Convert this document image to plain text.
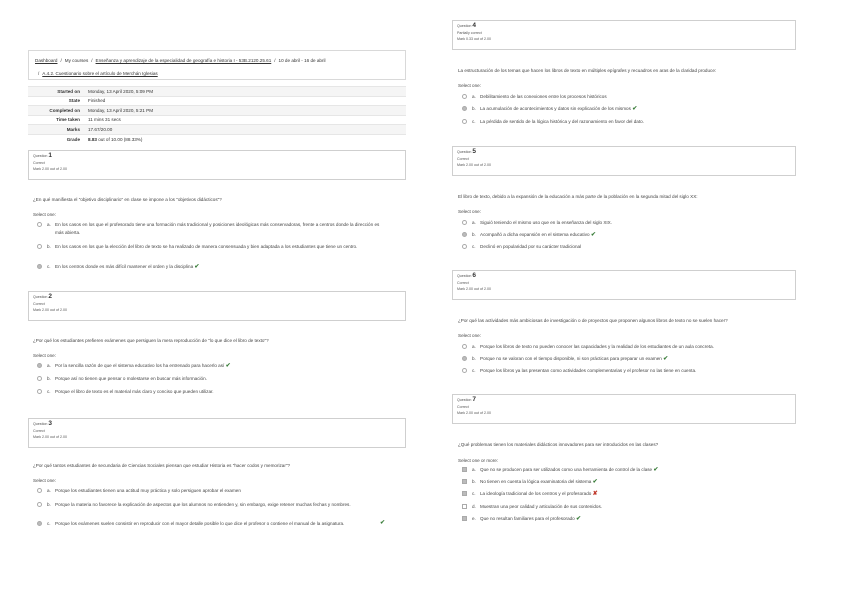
Dashboard / My courses / Enseñanza y aprendizaje de la especialidad de geografía e historia I - 53B.2120.25.61 / 10 de abril - 16 de abril
/ A.4.2. Cuestionario sobre el artículo de Merchán Iglesias
Started on	Monday, 13 April 2020, 5:09 PM
State	Finished
Completed on	Monday, 13 April 2020, 5:21 PM
Time taken	11 mins 31 secs
Marks	17.67/20.00
Grade	8.83 out of 10.00 (88.33%)
Question 1
Correct
Mark 2.00 out of 2.00
¿En qué manifiesta el "objetivo disciplinario" en clase se impone a los "objetivos didácticos"?
Select one:
a. En los casos en los que el profesorado tiene una formación más tradicional y posiciones ideológicas más conservadoras, frente a centros donde la dirección es más abierta.
b. En los casos en los que la elección del libro de texto se ha realizado de manera consensuada y bien adaptada a los estudiantes que tiene un centro.
c. En los centros donde es más difícil mantener el orden y la disciplina ✔
Question 2
Correct
Mark 2.00 out of 2.00
¿Por qué los estudiantes prefieren exámenes que persiguen la mera reproducción de "lo que dice el libro de texto"?
Select one:
a. Por la sencilla razón de que el sistema educativo los ha entrenado para hacerlo así ✔
b. Porque así no tienen que pensar o molestarse en buscar más información.
c. Porque el libro de texto es el material más claro y conciso que pueden utilizar.
Question 3
Correct
Mark 2.00 out of 2.00
¿Por qué tantos estudiantes de secundaria de Ciencias Sociales piensan que estudiar Historia es "hacer codos y memorizar"?
Select one:
a. Porque los estudiantes tienen una actitud muy práctica y solo persiguen aprobar el examen
b. Porque la materia no favorece la explicación de aspectos que los alumnos no entienden y, sin embargo, exige retener muchas fechas y nombres.
c. Porque los exámenes suelen consistir en reproducir con el mayor detalle posible lo que dice el profesor o contiene el manual de la asignatura.	✔
Question 4
Partially correct
Mark 0.33 out of 2.00
La estructuración de los temas que hacen los libros de texto en múltiples epígrafes y recuadros en aras de la claridad produce:
Select one:
a. Debilitamiento de las conexiones entre los procesos históricos
b. La acumulación de acontecimientos y datos sin explicación de los mismos ✔
c. La pérdida de sentido de la lógica histórica y del razonamiento en favor del dato.
Question 5
Correct
Mark 2.00 out of 2.00
El libro de texto, debido a la expansión de la educación a más parte de la población en la segunda mitad del siglo XX:
Select one:
a. Siguió teniendo el mismo uso que en la enseñanza del siglo XIX.
b. Acompañó a dicha expansión en el sistema educativo ✔
c. Declinó en popularidad por su carácter tradicional
Question 6
Correct
Mark 2.00 out of 2.00
¿Por qué las actividades más ambiciosas de investigación o de proyectos que proponen algunos libros de texto no se suelen hacer?
Select one:
a. Porque los libros de texto no pueden conocer las capacidades y la realidad de los estudiantes de un aula concreta.
b. Porque no se valoran con el tiempo disponible, ni son prácticas para preparar un examen ✔
c. Porque los libros ya las presentan como actividades complementarias y el profesor no las tiene en cuenta.
Question 7
Correct
Mark 2.00 out of 2.00
¿Qué problemas tienen los materiales didácticos innovadores para ser introducidos en las clases?
Select one or more:
a. Que no se producen para ser utilizados como una herramienta de control de la clase ✔
b. No tienen en cuenta la lógica examinatoria del sistema ✔
c. La ideología tradicional de los centros y el profesorado ✘
d. Muestran una peor calidad y articulación de sus contenidos.
e. Que no resultan familiares para el profesorado ✔
